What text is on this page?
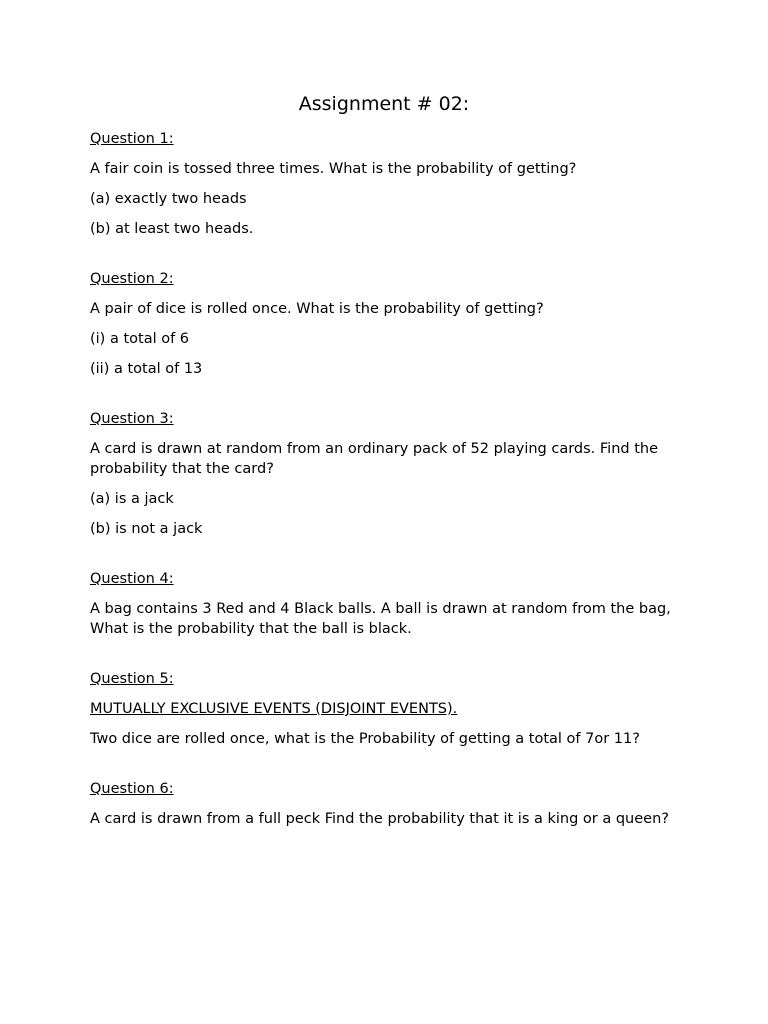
Assignment # 02:

Question 1:

A fair coin is tossed three times. What is the probability of getting?

(a) exactly two heads

(b) at least two heads.

Question 2:

A pair of dice is rolled once. What is the probability of getting?

(i) a total of 6

(ii) a total of 13

Question 3:

A card is drawn at random from an ordinary pack of 52 playing cards. Find the probability that the card?

(a) is a jack

(b) is not a jack

Question 4:

A bag contains 3 Red and 4 Black balls. A ball is drawn at random from the bag, What is the probability that the ball is black.

Question 5:

MUTUALLY EXCLUSIVE EVENTS (DISJOINT EVENTS).

Two dice are rolled once, what is the Probability of getting a total of 7or 11?

Question 6:

A card is drawn from a full peck Find the probability that it is a king or a queen?
